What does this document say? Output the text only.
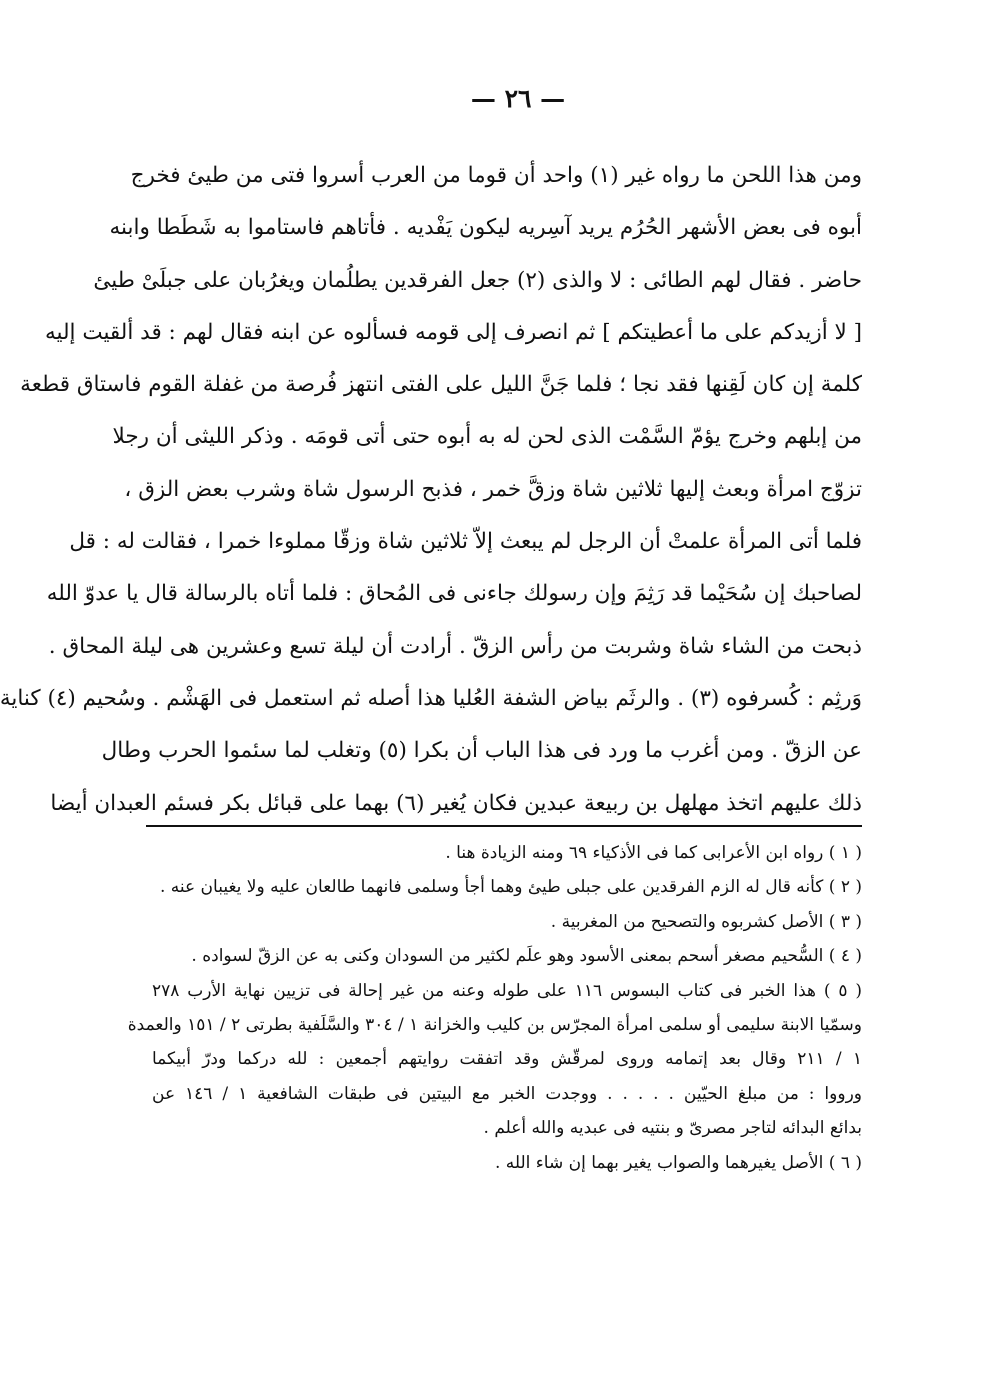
— ٢٦ —
ومن هذا اللحن ما رواه غير (١) واحد أن قوما من العرب أسروا فتى من طيئ فخرج
أبوه فى بعض الأشهر الحُرُم يريد آسِريه ليكون يَفْديه . فأتاهم فاستاموا به شَطَطا وابنه
حاضر . فقال لهم الطائى : لا والذى (٢) جعل الفرقدين يطلُمان ويغرُبان على جبلَىْ طيئ
[ لا أزيدكم على ما أعطيتكم ] ثم انصرف إلى قومه فسألوه عن ابنه فقال لهم : قد ألقيت إليه
كلمة إن كان لَقِنها فقد نجا ؛ فلما جَنَّ الليل على الفتى انتهز فُرصة من غفلة القوم فاستاق قطعة
من إبلهم وخرج يؤمّ السَّمْت الذى لحن له به أبوه حتى أتى قومَه . وذكر الليثى أن رجلا
تزوّج امرأة وبعث إليها ثلاثين شاة وزقَّ خمر ، فذبح الرسول شاة وشرب بعض الزق ،
فلما أتى المرأة علمتْ أن الرجل لم يبعث إلاّ ثلاثين شاة وزقّا مملوءا خمرا ، فقالت له : قل
لصاحبك إن سُحَيْما قد رَثِمَ وإن رسولك جاءنى فى المُحاق : فلما أتاه بالرسالة قال يا عدوّ الله
ذبحت من الشاء شاة وشربت من رأس الزقّ . أرادت أن ليلة تسع وعشرين هى ليلة المحاق .
وَرثِم : كُسرفوه (٣) . والرثَم بياض الشفة العُليا هذا أصله ثم استعمل فى الهَشْم . وسُحيم (٤) كناية
عن الزقّ . ومن أغرب ما ورد فى هذا الباب أن بكرا (٥) وتغلب لما سئموا الحرب وطال
ذلك عليهم اتخذ مهلهل بن ربيعة عبدين فكان يُغير (٦) بهما على قبائل بكر فسئم العبدان أيضا
( ١ ) رواه ابن الأعرابى كما فى الأذكياء ٦٩ ومنه الزيادة هنا .
( ٢ ) كأنه قال له الزم الفرقدين على جبلى طيئ وهما أجأ وسلمى فانهما طالعان عليه ولا يغيبان عنه .
( ٣ ) الأصل كشربوه والتصحيح من المغربية .
( ٤ ) السُّحيم مصغر أسحم بمعنى الأسود وهو علَم لكثير من السودان وكنى به عن الزقّ لسواده .
( ٥ ) هذا الخبر فى كتاب البسوس ١١٦ على طوله وعنه من غير إحالة فى تزيين نهاية الأرب ٢٧٨
وسمّيا الابنة سليمى أو سلمى امرأة المجرّس بن كليب والخزانة ١ / ٣٠٤ والسَّلَفية بطرتى ٢ / ١٥١ والعمدة
١ / ٢١١ وقال بعد إتمامه وروى لمرقّش وقد اتفقت روايتهم أجمعين : لله دركما ودرّ أبيكما
ورووا : من مبلغ الحيّين . . . . . ووجدت الخبر مع البيتين فى طبقات الشافعية ١ / ١٤٦ عن
بدائع البدائه لتاجر مصرىّ و بنتيه فى عبديه والله أعلم .
( ٦ ) الأصل يغيرهما والصواب يغير بهما إن شاء الله .
